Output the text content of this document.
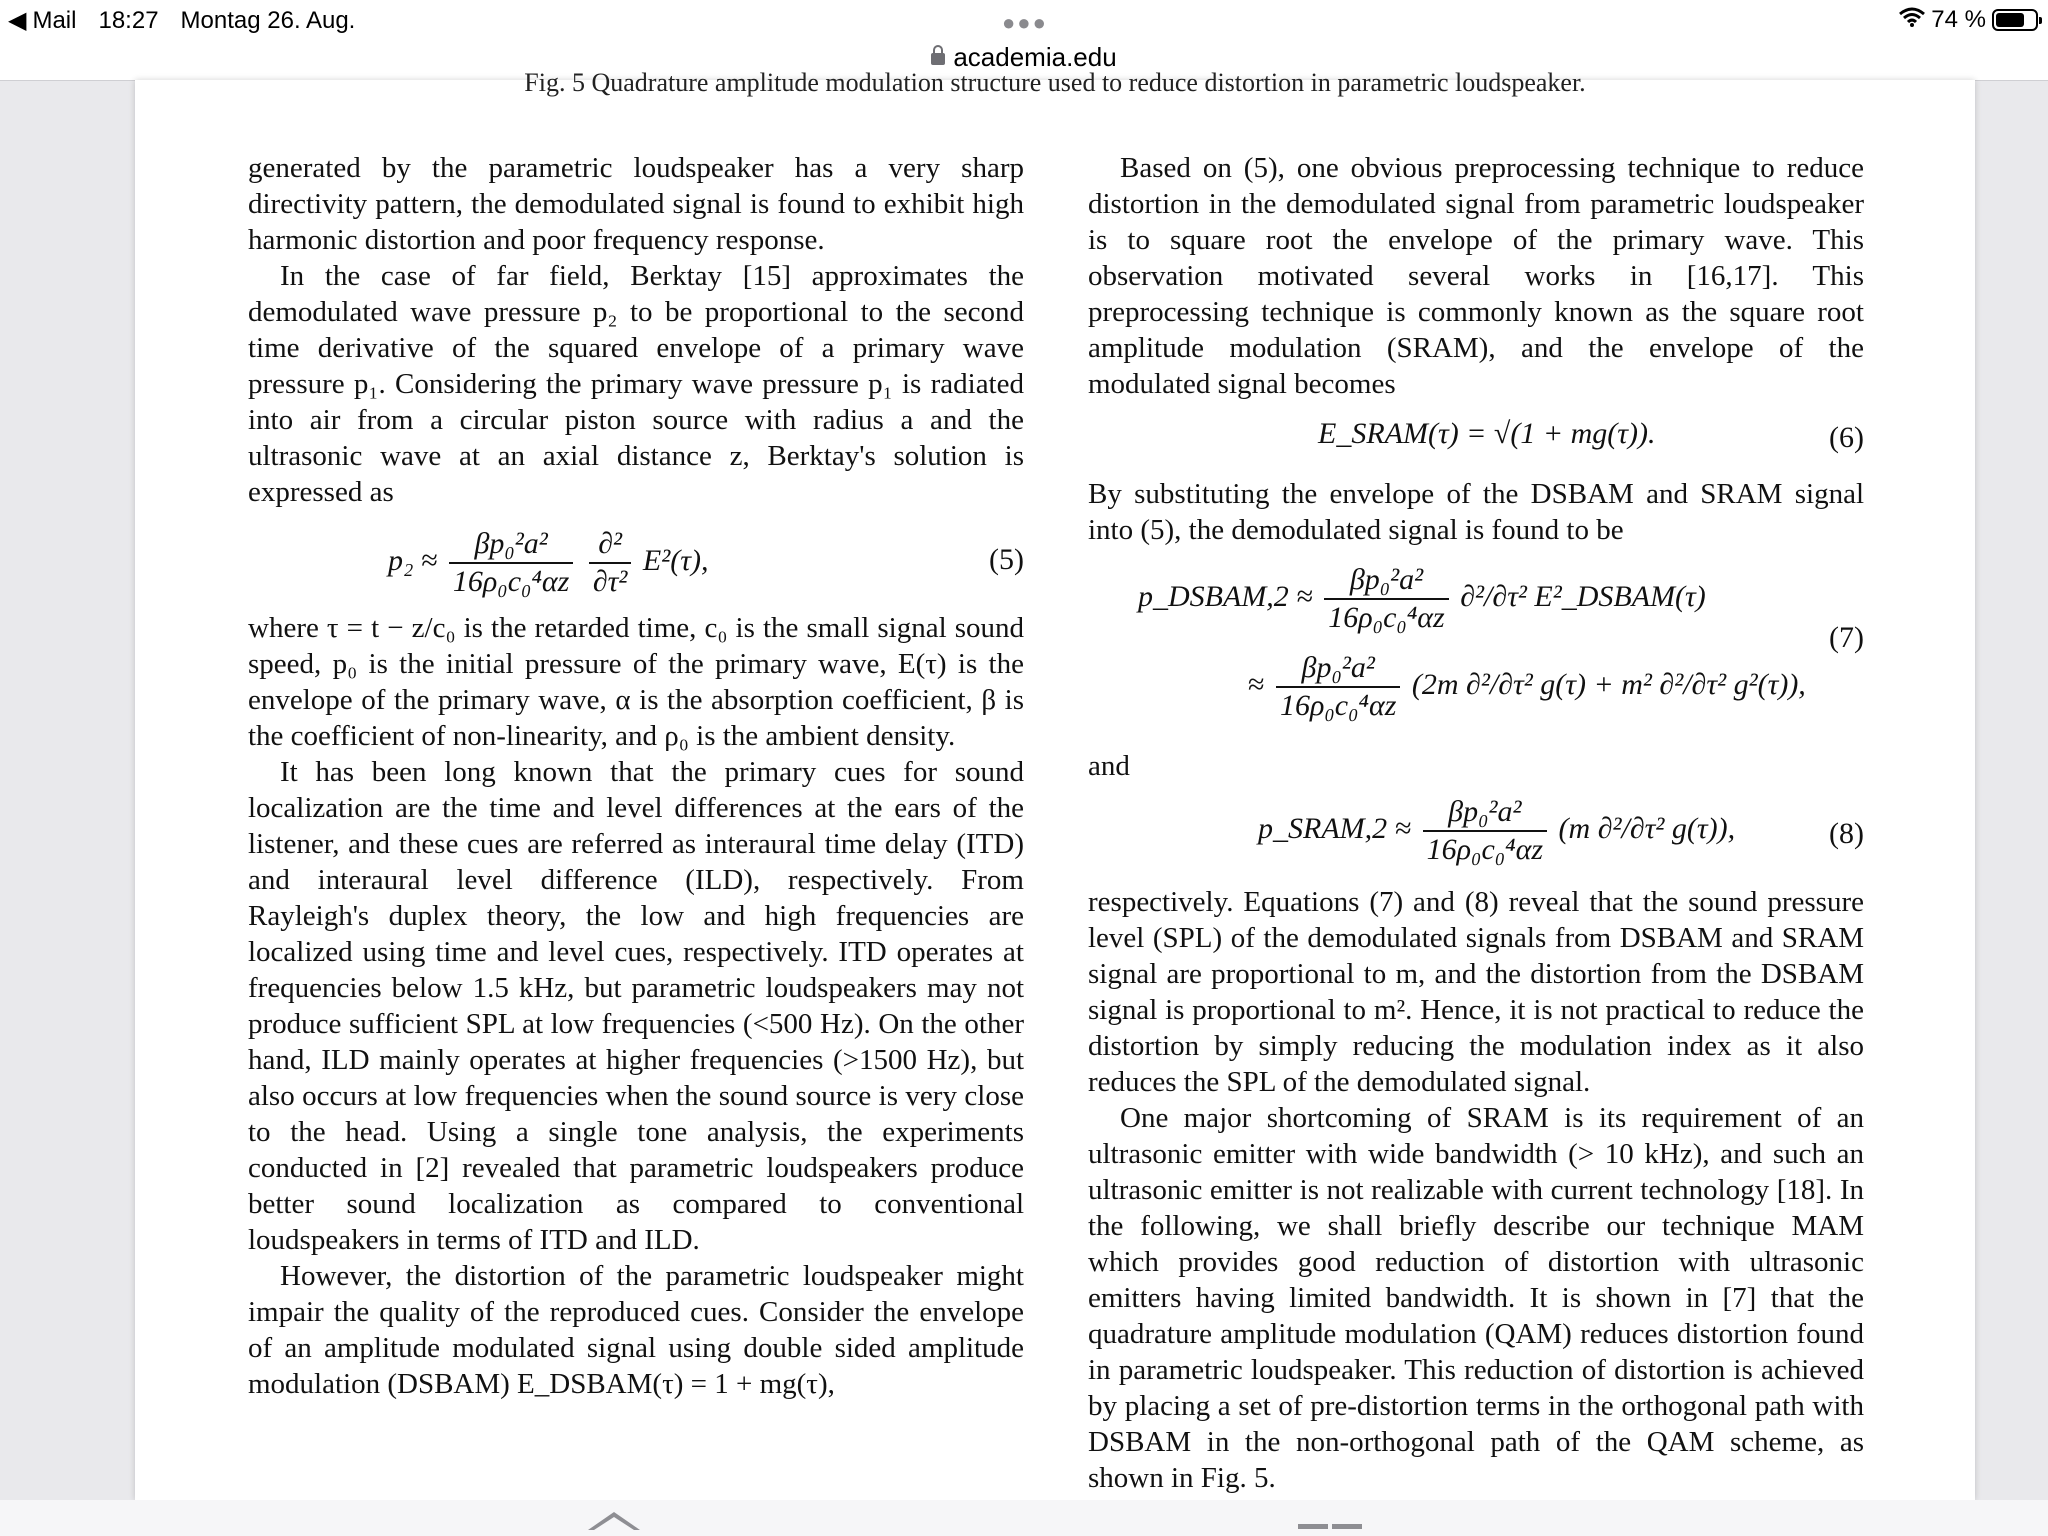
◀ Mail 18:27 Montag 26. Aug.	●●●	74 %
academia.edu
Fig. 5 Quadrature amplitude modulation structure used to reduce distortion in parametric loudspeaker.

generated by the parametric loudspeaker has a very sharp directivity pattern, the demodulated signal is found to exhibit high harmonic distortion and poor frequency response.

In the case of far field, Berktay [15] approximates the demodulated wave pressure p₂ to be proportional to the second time derivative of the squared envelope of a primary wave pressure p₁. Considering the primary wave pressure p₁ is radiated into air from a circular piston source with radius a and the ultrasonic wave at an axial distance z, Berktay's solution is expressed as

$p_2 \approx \frac{\text{βp₀²a²}}{\text{16ρ₀c₀⁴αz}}$
$\frac{\text{∂²}}{\text{∂τ²}} E^2(\tau)$,	(5)

where τ = t − z/c₀ is the retarded time, c₀ is the small signal sound speed, p₀ is the initial pressure of the primary wave, E(τ) is the envelope of the primary wave, α is the absorption coefficient, β is the coefficient of non-linearity, and ρ₀ is the ambient density.

It has been long known that the primary cues for sound localization are the time and level differences at the ears of the listener, and these cues are referred as interaural time delay (ITD) and interaural level difference (ILD), respectively. From Rayleigh's duplex theory, the low and high frequencies are localized using time and level cues, respectively. ITD operates at frequencies below 1.5 kHz, but parametric loudspeakers may not produce sufficient SPL at low frequencies (<500 Hz). On the other hand, ILD mainly operates at higher frequencies (>1500 Hz), but also occurs at low frequencies when the sound source is very close to the head. Using a single tone analysis, the experiments conducted in [2] revealed that parametric loudspeakers produce better sound localization as compared to conventional loudspeakers in terms of ITD and ILD.

However, the distortion of the parametric loudspeaker might impair the quality of the reproduced cues. Consider the envelope of an amplitude modulated signal using double sided amplitude modulation (DSBAM) E_DSBAM(τ) = 1 + mg(τ),

Based on (5), one obvious preprocessing technique to reduce distortion in the demodulated signal from parametric loudspeaker is to square root the envelope of the primary wave. This observation motivated several works in [16,17]. This preprocessing technique is commonly known as the square root amplitude modulation (SRAM), and the envelope of the modulated signal becomes

E_SRAM(τ) = √(1 + mg(τ)).	(6)

By substituting the envelope of the DSBAM and SRAM signal into (5), the demodulated signal is found to be

p_DSBAM,2 ≈ $\frac{\text{βp₀²a²}}{\text{16ρ₀c₀⁴αz}} \partial^2/\partial\tau^2$ E²_DSBAM(τ)
≈ $\frac{\text{βp₀²a²}}{\text{16ρ₀c₀⁴αz}} (2m$ ∂²/∂τ² g(τ) + m² ∂²/∂τ² g²(τ)),
(7)

and

p_SRAM,2 ≈ $\frac{\text{βp₀²a²}}{\text{16ρ₀c₀⁴αz}} (m$ ∂²/∂τ² g(τ)),	(8)

respectively. Equations (7) and (8) reveal that the sound pressure level (SPL) of the demodulated signals from DSBAM and SRAM signal are proportional to m, and the distortion from the DSBAM signal is proportional to m². Hence, it is not practical to reduce the distortion by simply reducing the modulation index as it also reduces the SPL of the demodulated signal.

One major shortcoming of SRAM is its requirement of an ultrasonic emitter with wide bandwidth (> 10 kHz), and such an ultrasonic emitter is not realizable with current technology [18]. In the following, we shall briefly describe our technique MAM which provides good reduction of distortion with ultrasonic emitters having limited bandwidth. It is shown in [7] that the quadrature amplitude modulation (QAM) reduces distortion found in parametric loudspeaker. This reduction of distortion is achieved by placing a set of pre-distortion terms in the orthogonal path with DSBAM in the non-orthogonal path of the QAM scheme, as shown in Fig. 5.
